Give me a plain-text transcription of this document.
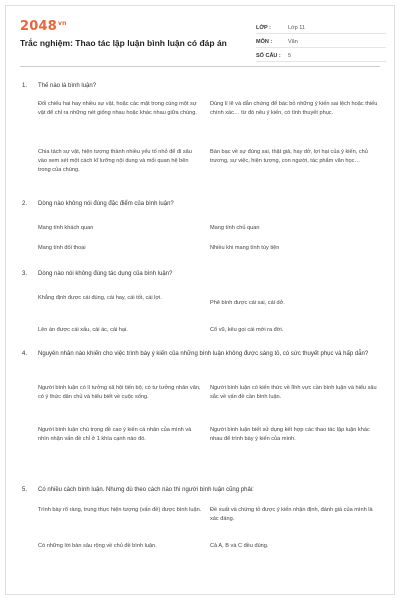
$2048^{vn}$
Trắc nghiệm: Thao tác lập luận bình luận có đáp án
LỚP :	Lớp 11
MÔN :	Văn
SỐ CÂU :	5
1.	Thế nào là bình luận?
Đối chiếu hai hay nhiều sự vật, hoặc các mặt trong cùng một sự vật để chỉ ra những nét giống nhau hoặc khác nhau giữa chúng.
Dùng lí lẽ và dẫn chứng để bác bỏ những ý kiến sai lệch hoặc thiếu chính xác… từ đó nêu ý kiến, có tính thuyết phục.
Chia tách sự vật, hiện tượng thành nhiều yếu tố nhỏ để đi sâu vào xem xét một cách kĩ lưỡng nội dung và mối quan hệ bên trong của chúng.
Bàn bạc về sự đúng sai, thật giả, hay dở, lợi hại của ý kiến, chủ trương, sự việc, hiện tượng, con người, tác phẩm văn học…
2.	Dòng nào không nói đúng đặc điểm của bình luận?
Mang tính khách quan	Mang tính chủ quan
Mang tính đối thoại	Nhiều khi mang tính tùy tiện
3.	Dòng nào nói không đúng tác dụng của bình luận?
Khẳng định được cái đúng, cái hay, cái tốt, cái lợi.
Phê bình được cái sai, cái dở.
Lên án được cái xấu, cái ác, cái hại.	Cổ vũ, kêu gọi cái mới ra đời.
4.	Nguyên nhân nào khiến cho việc trình bày ý kiến của những bình luận không được sáng tỏ, có sức thuyết phục và hấp dẫn?
Người bình luận có lí tưởng xã hội tiến bộ, có tư tưởng nhân văn, có ý thức dân chủ và hiểu biết về cuộc sống.
Người bình luận có kiến thức về lĩnh vực cần bình luận và hiểu sâu sắc về vấn đề cần bình luận.
Người bình luận chú trọng đề cao ý kiến cá nhân của mình và nhìn nhận vấn đề chỉ ở 1 khía cạnh nào đó.
Người bình luận biết sử dụng kết hợp các thao tác lập luận khác nhau để trình bày ý kiến của mình.
5.	Có nhiều cách bình luận. Nhưng dù theo cách nào thì người bình luận cũng phải:
Trình bày rõ ràng, trung thực hiện tượng (vấn đề) được bình luận. Đề xuất và chứng tỏ được ý kiến nhận định, đánh giá của mình là xác đáng.
Có những lời bàn sâu rộng về chủ đề bình luận.	Cả A, B và C đều đúng.
